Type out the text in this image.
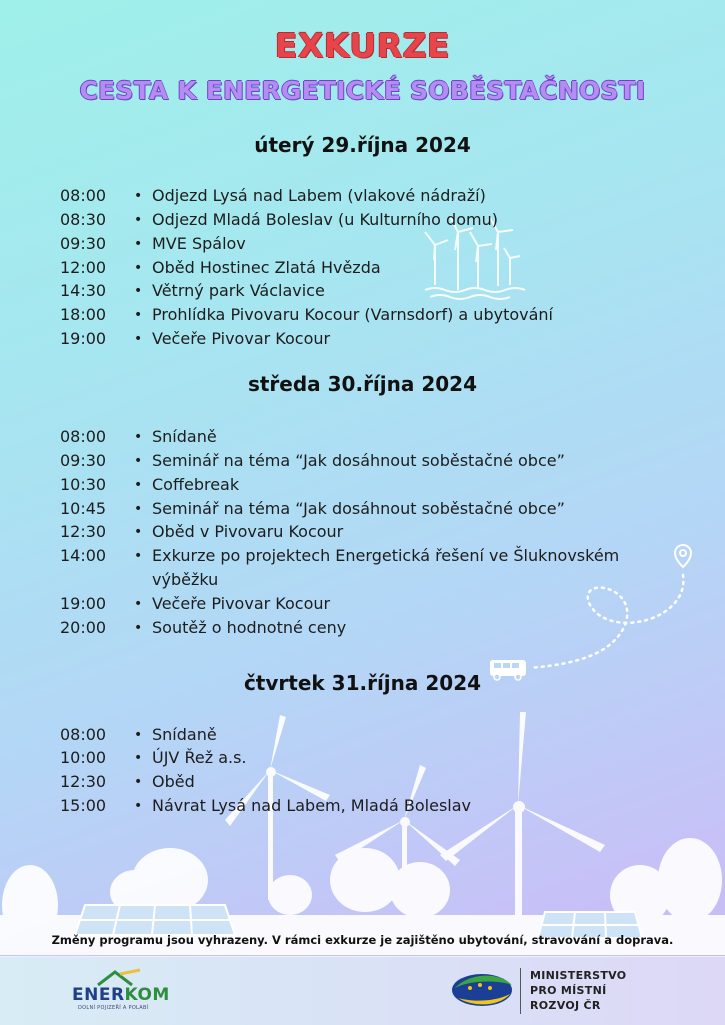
EXKURZE
CESTA K ENERGETICKÉ SOBĚSTAČNOSTI
úterý 29.října 2024
08:00	• Odjezd Lysá nad Labem (vlakové nádraží)
08:30	• Odjezd Mladá Boleslav (u Kulturního domu)
09:30	• MVE Spálov
12:00	• Oběd Hostinec Zlatá Hvězda
14:30	• Větrný park Václavice
18:00	• Prohlídka Pivovaru Kocour (Varnsdorf) a ubytování
19:00	• Večeře Pivovar Kocour
středa 30.října 2024
08:00	• Snídaně
09:30	• Seminář na téma “Jak dosáhnout soběstačné obce”
10:30	• Coffebreak
10:45	• Seminář na téma “Jak dosáhnout soběstačné obce”
12:30	• Oběd v Pivovaru Kocour
14:00	• Exkurze po projektech Energetická řešení ve Šluknovském
výběžku
19:00	• Večeře Pivovar Kocour
20:00	• Soutěž o hodnotné ceny
čtvrtek 31.října 2024
08:00	• Snídaně
10:00	• ÚJV Řež a.s.
12:30	• Oběd
15:00	• Návrat Lysá nad Labem, Mladá Boleslav
Změny programu jsou vyhrazeny. V rámci exkurze je zajištěno ubytování, stravování a doprava.
ENERKOM
DOLNÍ POJIZEŘÍ A POLABÍ
MINISTERSTVO
PRO MÍSTNÍ
ROZVOJ ČR
